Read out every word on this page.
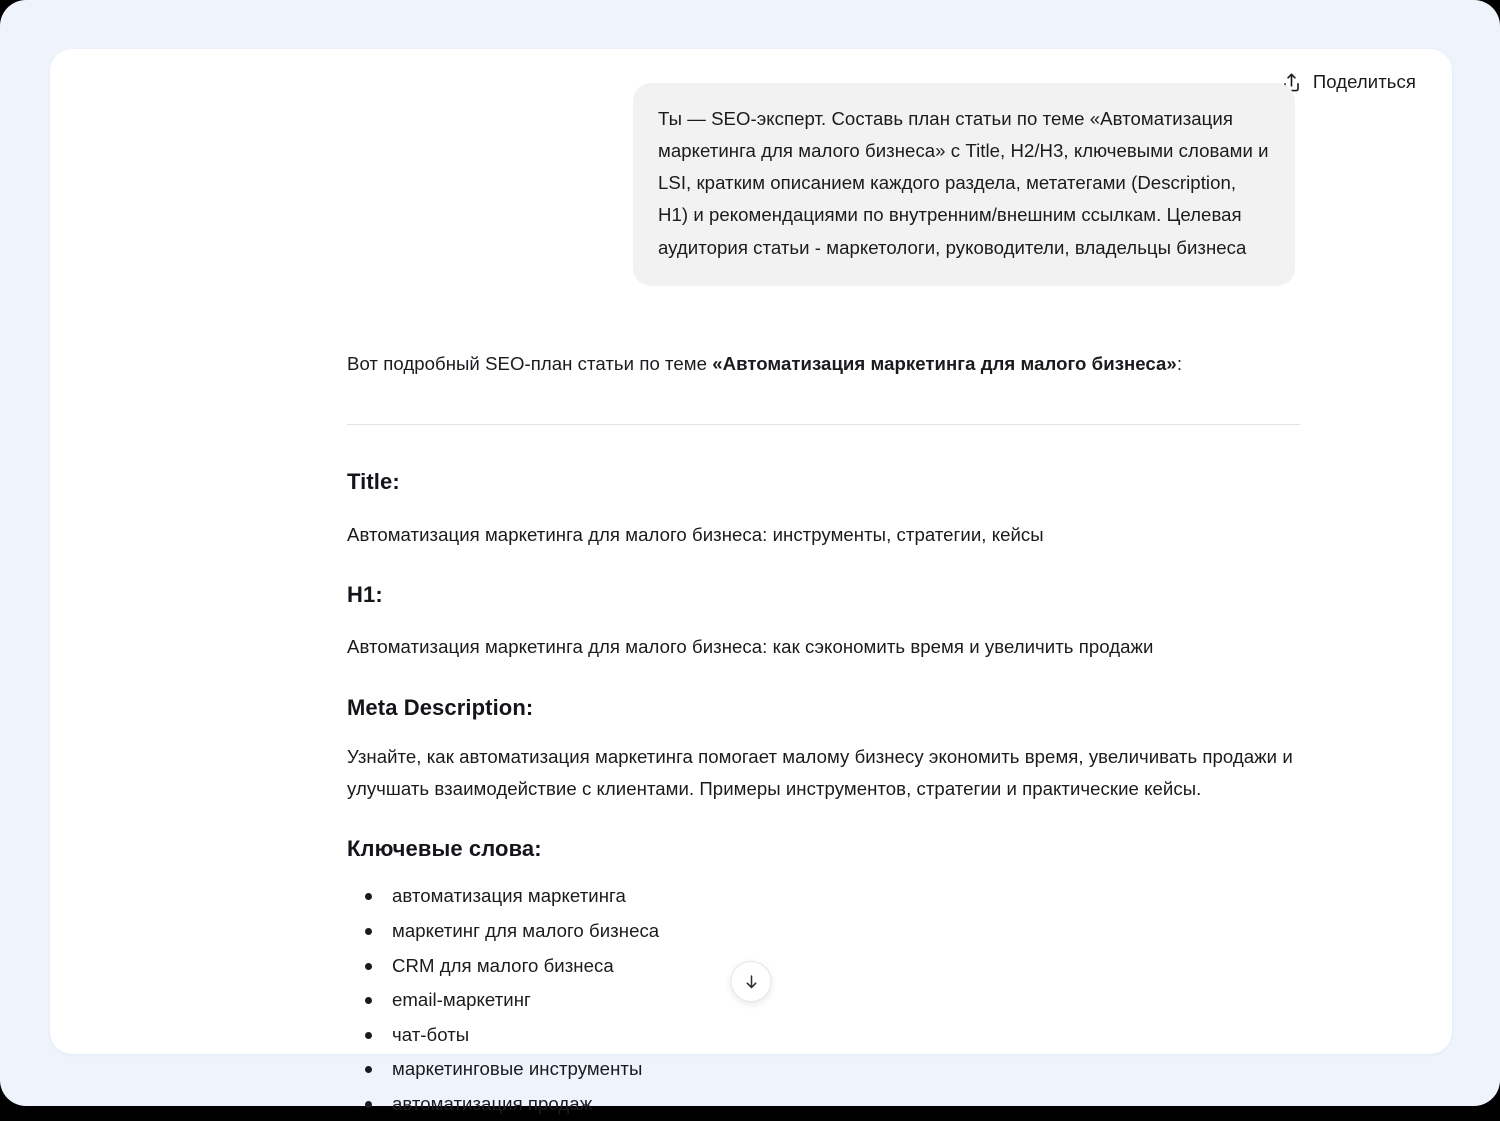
Поделиться
Ты — SEO-эксперт. Составь план статьи по теме «Автоматизация маркетинга для малого бизнеса» с Title, H2/H3, ключевыми словами и LSI, кратким описанием каждого раздела, метатегами (Description, H1) и рекомендациями по внутренним/внешним ссылкам. Целевая аудитория статьи - маркетологи, руководители, владельцы бизнеса

Вот подробный SEO-план статьи по теме «Автоматизация маркетинга для малого бизнеса»:

Title:

Автоматизация маркетинга для малого бизнеса: инструменты, стратегии, кейсы

H1:

Автоматизация маркетинга для малого бизнеса: как сэкономить время и увеличить продажи

Meta Description:

Узнайте, как автоматизация маркетинга помогает малому бизнесу экономить время, увеличивать продажи и улучшать взаимодействие с клиентами. Примеры инструментов, стратегии и практические кейсы.

Ключевые слова:
автоматизация маркетинга
маркетинг для малого бизнеса
CRM для малого бизнеса
email-маркетинг
чат-боты
маркетинговые инструменты
автоматизация продаж
